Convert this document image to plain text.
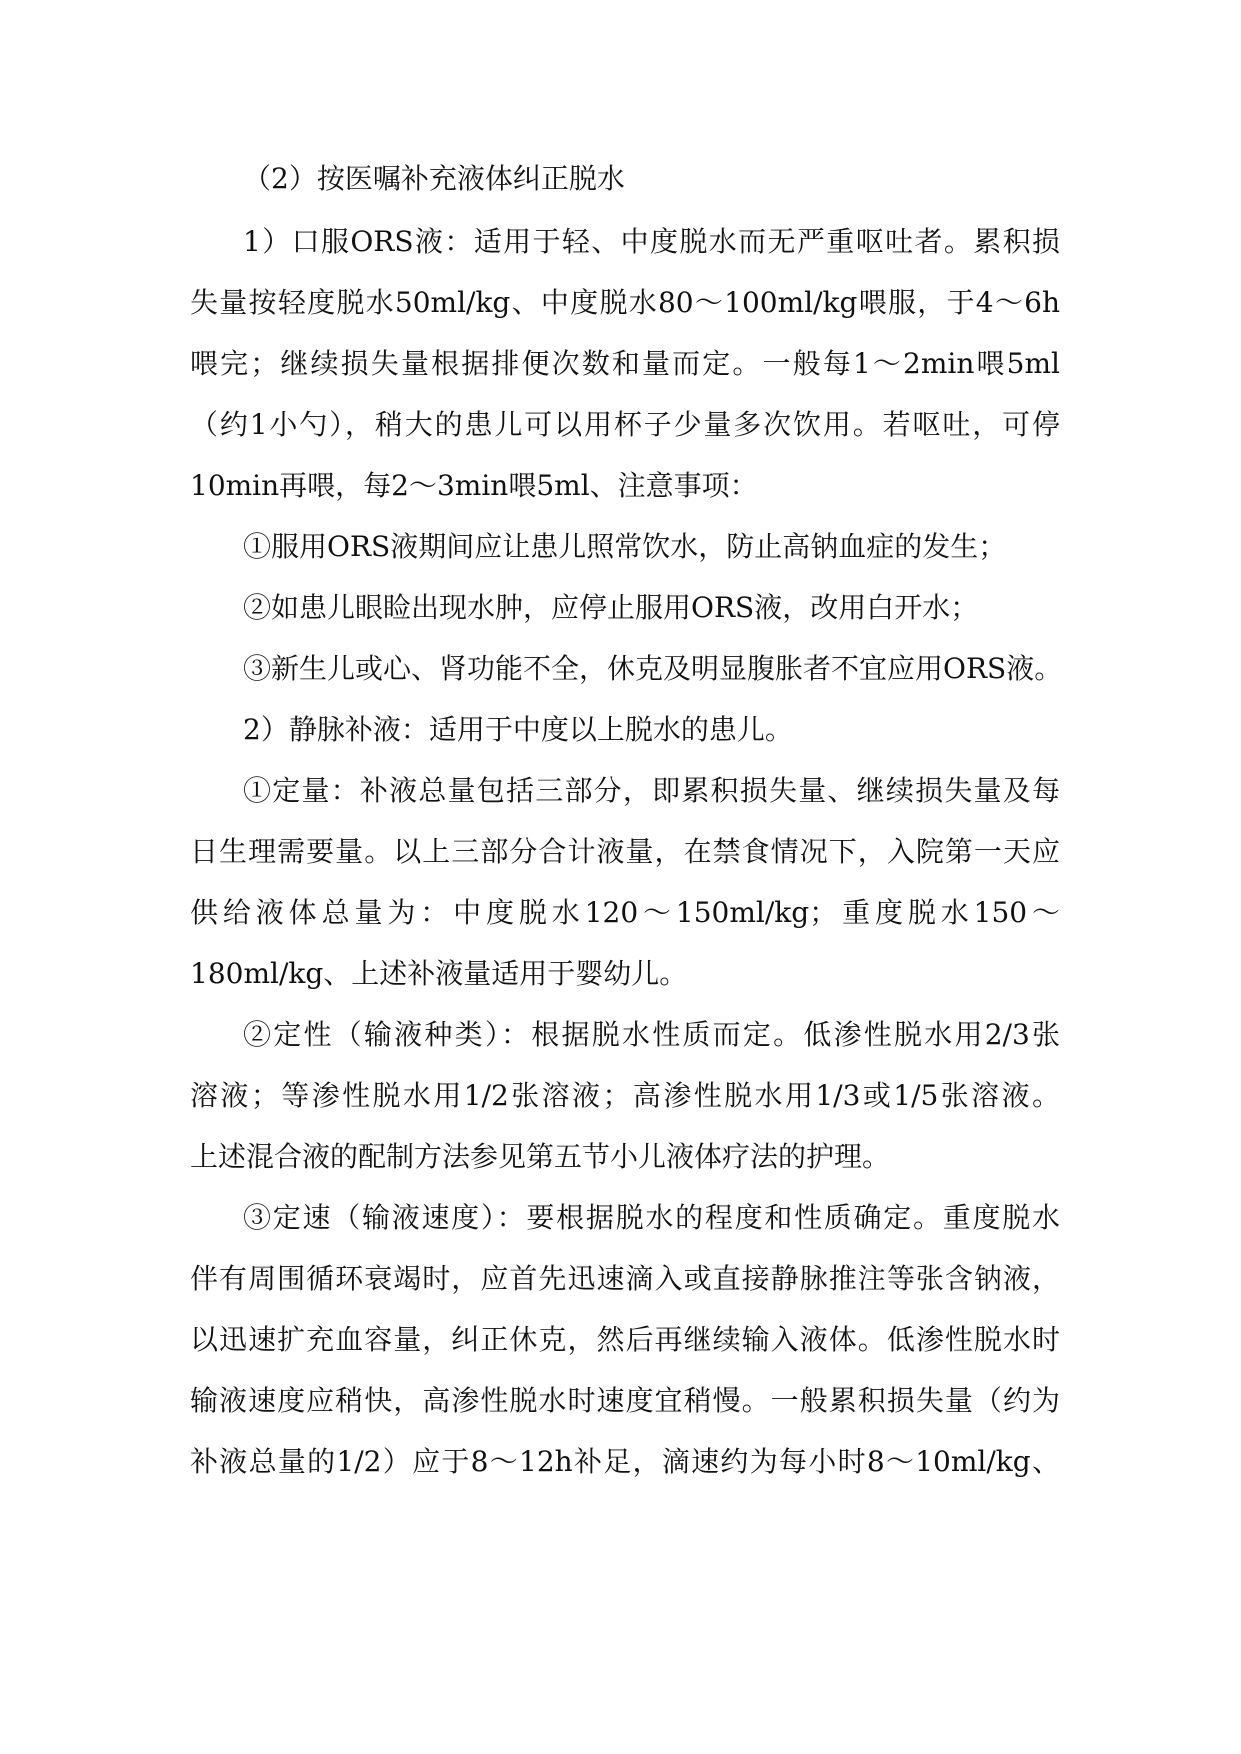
（2）按医嘱补充液体纠正脱水
1）口服ORS液：适用于轻、中度脱水而无严重呕吐者。累积损
失量按轻度脱水50ml/kg、中度脱水80～100ml/kg喂服，于4～6h
喂完；继续损失量根据排便次数和量而定。一般每1～2min喂5ml
（约1小勺），稍大的患儿可以用杯子少量多次饮用。若呕吐，可停
10min再喂，每2～3min喂5ml、注意事项：
①服用ORS液期间应让患儿照常饮水，防止高钠血症的发生；
②如患儿眼睑出现水肿，应停止服用ORS液，改用白开水；
③新生儿或心、肾功能不全，休克及明显腹胀者不宜应用ORS液。
2）静脉补液：适用于中度以上脱水的患儿。
①定量：补液总量包括三部分，即累积损失量、继续损失量及每
日生理需要量。以上三部分合计液量，在禁食情况下，入院第一天应
供给液体总量为：中度脱水120～150ml/kg；重度脱水150～
180ml/kg、上述补液量适用于婴幼儿。
②定性（输液种类）：根据脱水性质而定。低渗性脱水用2/3张
溶液；等渗性脱水用1/2张溶液；高渗性脱水用1/3或1/5张溶液。
上述混合液的配制方法参见第五节小儿液体疗法的护理。
③定速（输液速度）：要根据脱水的程度和性质确定。重度脱水
伴有周围循环衰竭时，应首先迅速滴入或直接静脉推注等张含钠液，
以迅速扩充血容量，纠正休克，然后再继续输入液体。低渗性脱水时
输液速度应稍快，高渗性脱水时速度宜稍慢。一般累积损失量（约为
补液总量的1/2）应于8～12h补足，滴速约为每小时8～10ml/kg、
